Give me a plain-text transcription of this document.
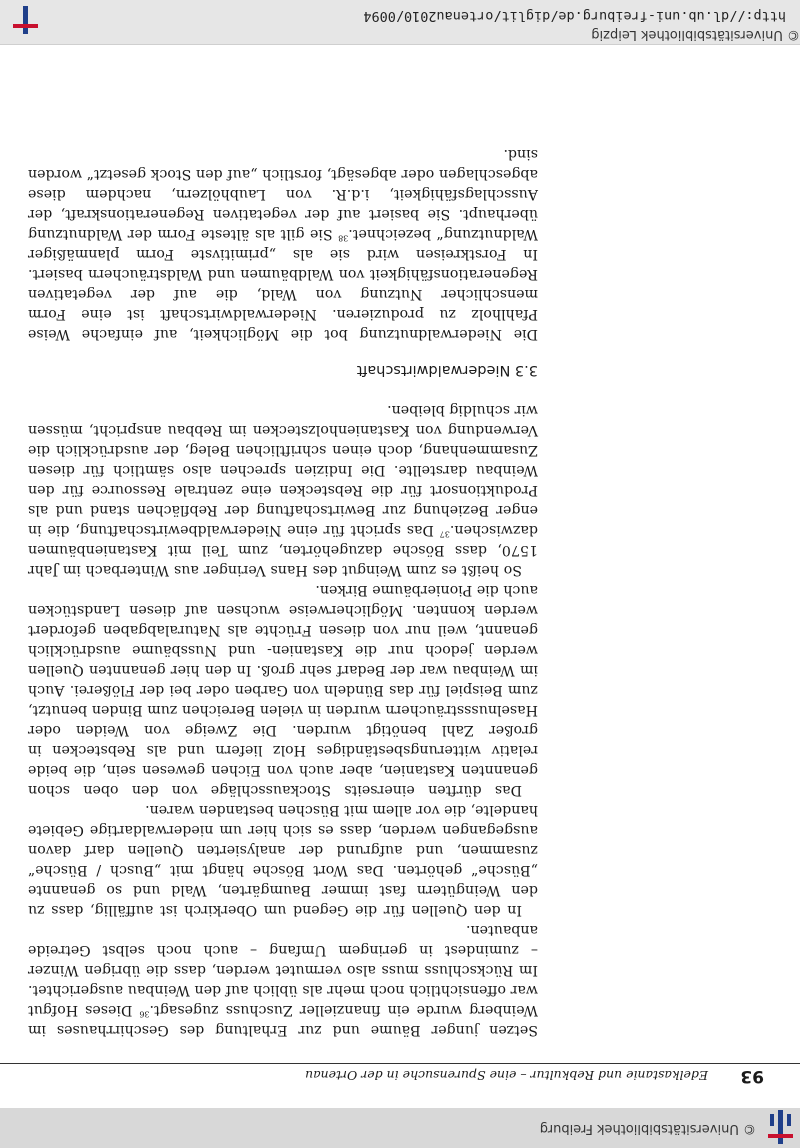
© Universitätsbibliothek Freiburg
93
Edelkastanie und Rebkultur – eine Spurensuche in der Ortenau

Setzen junger Bäume und zur Erhaltung des Geschirrhauses im Weinberg wurde ein finanzieller Zuschuss zugesagt.$^{36}$ Dieses Hofgut war offensichtlich noch mehr als üblich auf den Weinbau ausgerichtet. Im Rückschluss muss also vermutet werden, dass die übrigen Winzer – zumindest in geringem Umfang – auch noch selbst Getreide anbauten.

In den Quellen für die Gegend um Oberkirch ist auffällig, dass zu den Weingütern fast immer Baumgärten, Wald und so genannte „Büsche“ gehörten. Das Wort Bösche hängt mit „Busch / Büsche“ zusammen, und aufgrund der analysierten Quellen darf davon ausgegangen werden, dass es sich hier um niederwaldartige Gebiete handelte, die vor allem mit Büschen bestanden waren.

Das dürften einerseits Stockausschläge von den oben schon genannten Kastanien, aber auch von Eichen gewesen sein, die beide relativ witterungsbeständiges Holz liefern und als Rebstecken in großer Zahl benötigt wurden. Die Zweige von Weiden oder Haselnusssträuchern wurden in vielen Bereichen zum Binden benutzt, zum Beispiel für das Bündeln von Garben oder bei der Flößerei. Auch im Weinbau war der Bedarf sehr groß. In den hier genannten Quellen werden jedoch nur die Kastanien- und Nussbäume ausdrücklich genannt, weil nur von diesen Früchte als Naturalabgaben gefordert werden konnten. Möglicherweise wuchsen auf diesen Landstücken auch die Pionierbäume Birken.

So heißt es zum Weingut des Hans Veringer aus Winterbach im Jahr 1570, dass Bösche dazugehörten, zum Teil mit Kastanienbäumen dazwischen.$^{37}$ Das spricht für eine Niederwaldbewirtschaftung, die in enger Beziehung zur Bewirtschaftung der Rebflächen stand und als Produktionsort für die Rebstecken eine zentrale Ressource für den Weinbau darstellte. Die Indizien sprechen also sämtlich für diesen Zusammenhang, doch einen schriftlichen Beleg, der ausdrücklich die Verwendung von Kastanienholzstecken im Rebbau anspricht, müssen wir schuldig bleiben.

3.3 Niederwaldwirtschaft

Die Niederwaldnutzung bot die Möglichkeit, auf einfache Weise Pfahlholz zu produzieren. Niederwaldwirtschaft ist eine Form menschlicher Nutzung von Wald, die auf der vegetativen Regenerationsfähigkeit von Waldbäumen und Waldsträuchern basiert. In Forstkreisen wird sie als „primitivste Form planmäßiger Waldnutzung“ bezeichnet.$^{38}$ Sie gilt als älteste Form der Waldnutzung überhaupt. Sie basiert auf der vegetativen Regenerationskraft, der Ausschlagsfähigkeit, i.d.R. von Laubhölzern, nachdem diese abgeschlagen oder abgesägt, forstlich „auf den Stock gesetzt“ worden sind.

© Universitätsbibliothek Leipzig
http://dl.ub.uni-freiburg.de/diglit/ortenau2010/0094
